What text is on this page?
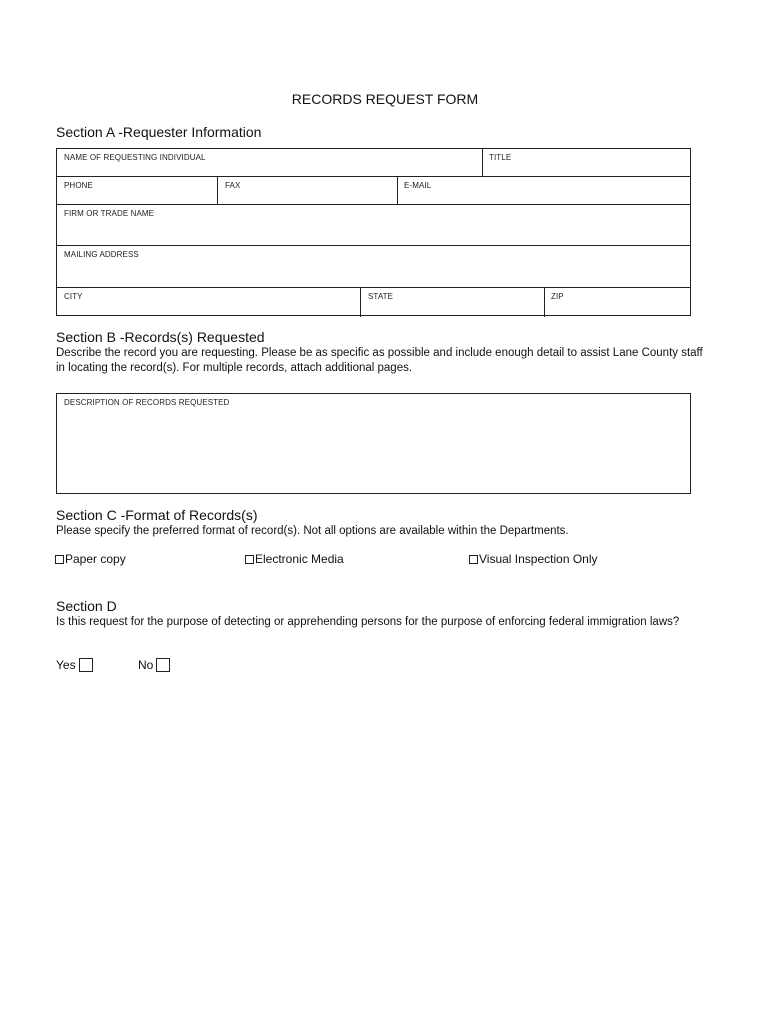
RECORDS REQUEST FORM
Section A -Requester Information
NAME OF REQUESTING INDIVIDUAL	TITLE
PHONE	FAX	E-MAIL
FIRM OR TRADE NAME
MAILING ADDRESS
CITY	STATE	ZIP
Section B -Records(s) Requested
Describe the record you are requesting. Please be as specific as possible and include enough detail to assist Lane County staff in locating the record(s). For multiple records, attach additional pages.
DESCRIPTION OF RECORDS REQUESTED
Section C -Format of Records(s)
Please specify the preferred format of record(s). Not all options are available within the Departments.
Paper copy	Electronic Media	Visual Inspection Only
Section D
Is this request for the purpose of detecting or apprehending persons for the purpose of enforcing federal immigration laws?
Yes	No
